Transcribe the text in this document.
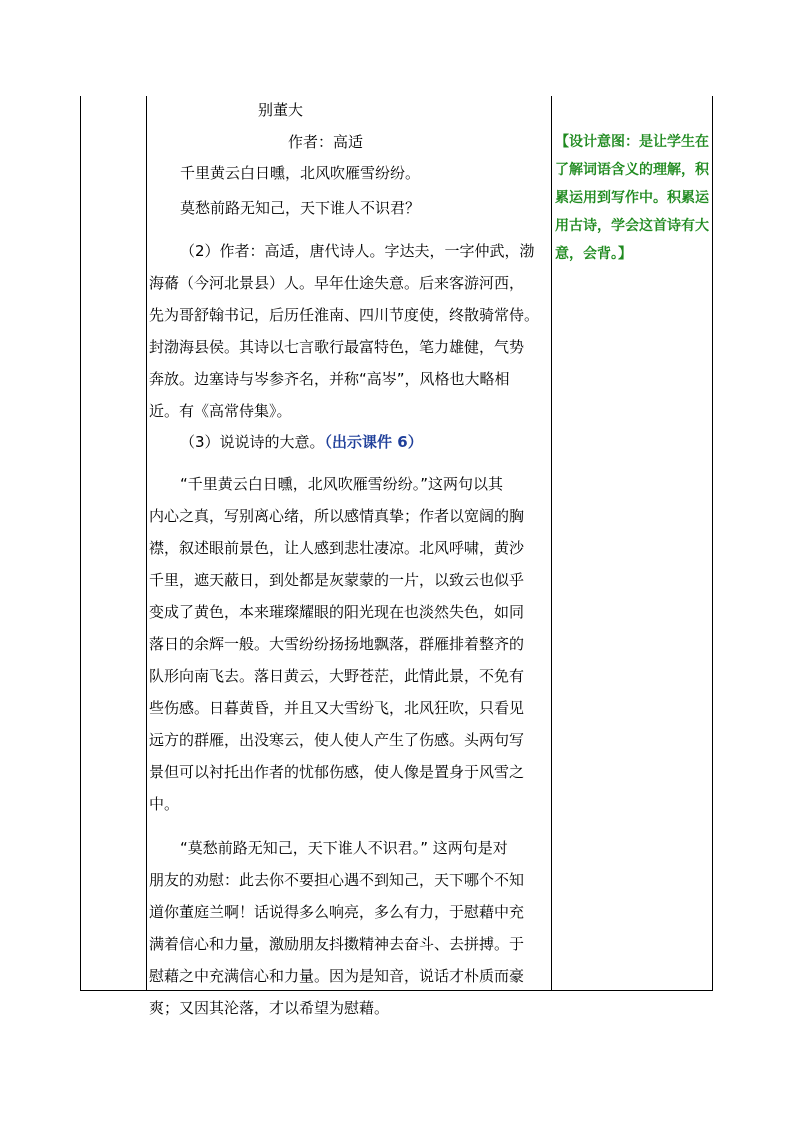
别董大
作者：高适
千里黄云白日曛，北风吹雁雪纷纷。
莫愁前路无知己，天下谁人不识君？
（2）作者：高适，唐代诗人。字达夫，一字仲武，渤
海蓨（今河北景县）人。早年仕途失意。后来客游河西，
先为哥舒翰书记，后历任淮南、四川节度使，终散骑常侍。
封渤海县侯。其诗以七言歌行最富特色，笔力雄健，气势
奔放。边塞诗与岑参齐名，并称“高岑”，风格也大略相
近。有《高常侍集》。
（3）说说诗的大意。（出示课件 6）
“千里黄云白日曛，北风吹雁雪纷纷。”这两句以其
内心之真，写别离心绪，所以感情真挚；作者以宽阔的胸
襟，叙述眼前景色，让人感到悲壮凄凉。北风呼啸，黄沙
千里，遮天蔽日，到处都是灰蒙蒙的一片，以致云也似乎
变成了黄色，本来璀璨耀眼的阳光现在也淡然失色，如同
落日的余辉一般。大雪纷纷扬扬地飘落，群雁排着整齐的
队形向南飞去。落日黄云，大野苍茫，此情此景，不免有
些伤感。日暮黄昏，并且又大雪纷飞，北风狂吹，只看见
远方的群雁，出没寒云，使人使人产生了伤感。头两句写
景但可以衬托出作者的忧郁伤感，使人像是置身于风雪之
中。
“莫愁前路无知己，天下谁人不识君。” 这两句是对
朋友的劝慰：此去你不要担心遇不到知己，天下哪个不知
道你董庭兰啊！话说得多么响亮，多么有力，于慰藉中充
满着信心和力量，激励朋友抖擞精神去奋斗、去拼搏。于
慰藉之中充满信心和力量。因为是知音，说话才朴质而豪
爽；又因其沦落，才以希望为慰藉。
【设计意图：是让学生在
了解词语含义的理解，积
累运用到写作中。积累运
用古诗，学会这首诗有大
意，会背。】
